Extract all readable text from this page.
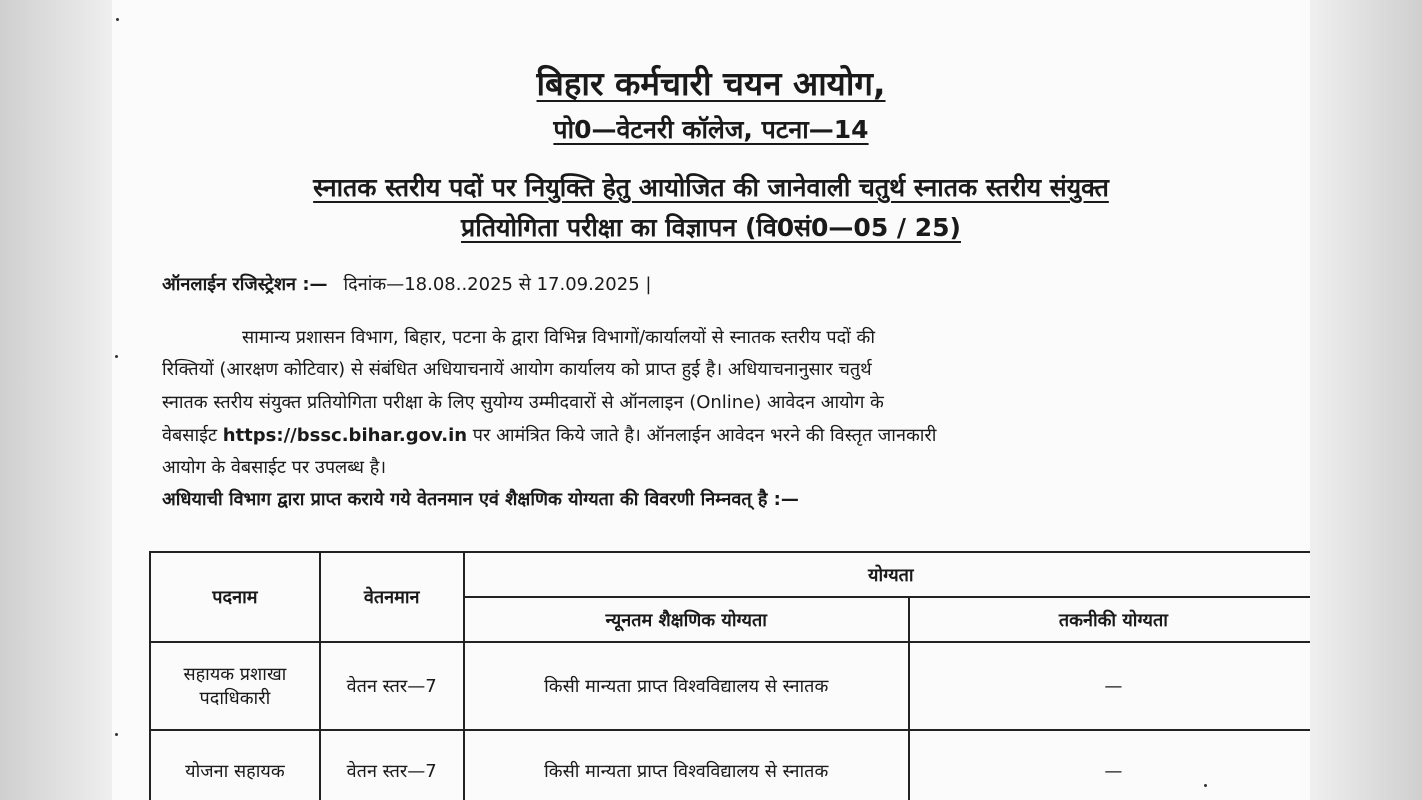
बिहार कर्मचारी चयन आयोग,
पो0—वेटनरी कॉलेज, पटना—14
स्नातक स्तरीय पदों पर नियुक्ति हेतु आयोजित की जानेवाली चतुर्थ स्नातक स्तरीय संयुक्त
प्रतियोगिता परीक्षा का विज्ञापन (वि0सं0—05 / 25)
ऑनलाईन रजिस्ट्रेशन :— दिनांक—18.08..2025 से 17.09.2025 |
सामान्य प्रशासन विभाग, बिहार, पटना के द्वारा विभिन्न विभागों/कार्यालयों से स्नातक स्तरीय पदों की
रिक्तियों (आरक्षण कोटिवार) से संबंधित अधियाचनायें आयोग कार्यालय को प्राप्त हुई है। अधियाचनानुसार चतुर्थ
स्नातक स्तरीय संयुक्त प्रतियोगिता परीक्षा के लिए सुयोग्य उम्मीदवारों से ऑनलाइन (Online) आवेदन आयोग के
वेबसाईट https://bssc.bihar.gov.in पर आमंत्रित किये जाते है। ऑनलाईन आवेदन भरने की विस्तृत जानकारी
आयोग के वेबसाईट पर उपलब्ध है।
अधियाची विभाग द्वारा प्राप्त कराये गये वेतनमान एवं शैक्षणिक योग्यता की विवरणी निम्नवत् है :—
पदनाम	वेतनमान	योग्यता	
		न्यूनतम शैक्षणिक योग्यता	तकनीकी योग्यता
सहायक प्रशाखा पदाधिकारी	वेतन स्तर—7	किसी मान्यता प्राप्त विश्वविद्यालय से स्नातक	—
योजना सहायक	वेतन स्तर—7	किसी मान्यता प्राप्त विश्वविद्यालय से स्नातक	—
